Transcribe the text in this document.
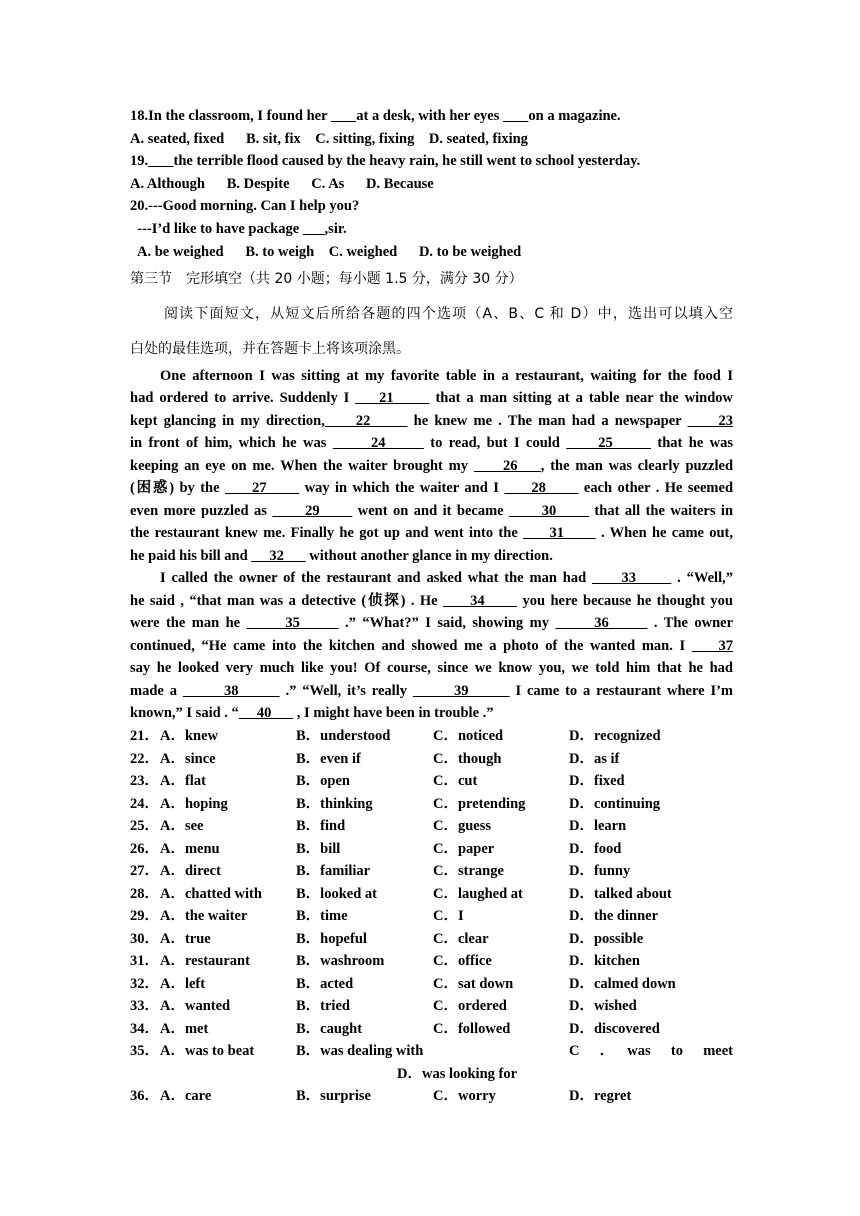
18.In the classroom, I found her        at a desk, with her eyes        on a magazine.
A. seated, fixed      B. sit, fix    C. sitting, fixing    D. seated, fixing
19. the terrible flood caused by the heavy rain, he still went to school yesterday.
A. Although      B. Despite      C. As      D. Because
20.---Good morning. Can I help you?
---I’d like to have package       ,sir.
A. be weighed      B. to weigh    C. weighed      D. to be weighed
第三节　完形填空（共 20 小题；每小题 1.5 分，满分 30 分）
阅读下面短文，从短文后所给各题的四个选项（A、B、C 和 D）中，选出可以填入空
白处的最佳选项，并在答题卡上将该项涂黑。
One afternoon I was sitting at my favorite table in a restaurant, waiting for the food I
had ordered to arrive. Suddenly I     21       that a man sitting at a table near the window
kept glancing in my direction,     22       he knew me . The man had a newspaper      23
in front of him, which he was       24       to read, but I could      25       that he was
keeping an eye on me. When the waiter brought my      26    , the man was clearly puzzled
(困惑) by the      27       way in which the waiter and I      28       each other . He seemed
even more puzzled as       29       went on and it became       30       that all the waiters in
the restaurant knew me. Finally he got up and went into the      31       . When he came out,
he paid his bill and      32       without another glance in my direction.
I called the owner of the restaurant and asked what the man had      33       . “Well,”
he said , “that man was a detective (侦探) . He      34       you here because he thought you
were the man he       35       .” “What?” I said, showing my       36       . The owner
continued, “He came into the kitchen and showed me a photo of the wanted man. I     37
say he looked very much like you! Of course, since we know you, we told him that he had
made a        38        .” “Well, it’s really        39        I came to a restaurant where I’m
known,” I said . “     40       , I might have been in trouble .”
21． A．knew	B．understood	C．noticed	D．recognized
22． A．since	B．even if	C．though	D．as if
23． A．flat	B．open	C．cut	D．fixed
24． A．hoping	B．thinking	C．pretending	D．continuing
25． A．see	B．find	C．guess	D．learn
26． A．menu	B．bill	C．paper	D．food
27． A．direct	B．familiar	C．strange	D．funny
28． A．chatted with B．looked at	C．laughed at	D．talked about
29． A．the waiter	B．time	C．I	D．the dinner
30． A．true	B．hopeful	C．clear	D．possible
31． A．restaurant	B．washroom	C．office	D．kitchen
32． A．left	B．acted	C．sat down	D．calmed down
33． A．wanted	B．tried	C．ordered	D．wished
34． A．met	B．caught	C．followed	D．discovered
35． A．was to beat	B．was dealing with	C　．　was　to　meet
D．was looking for
36． A．care	B．surprise	C．worry	D．regret
